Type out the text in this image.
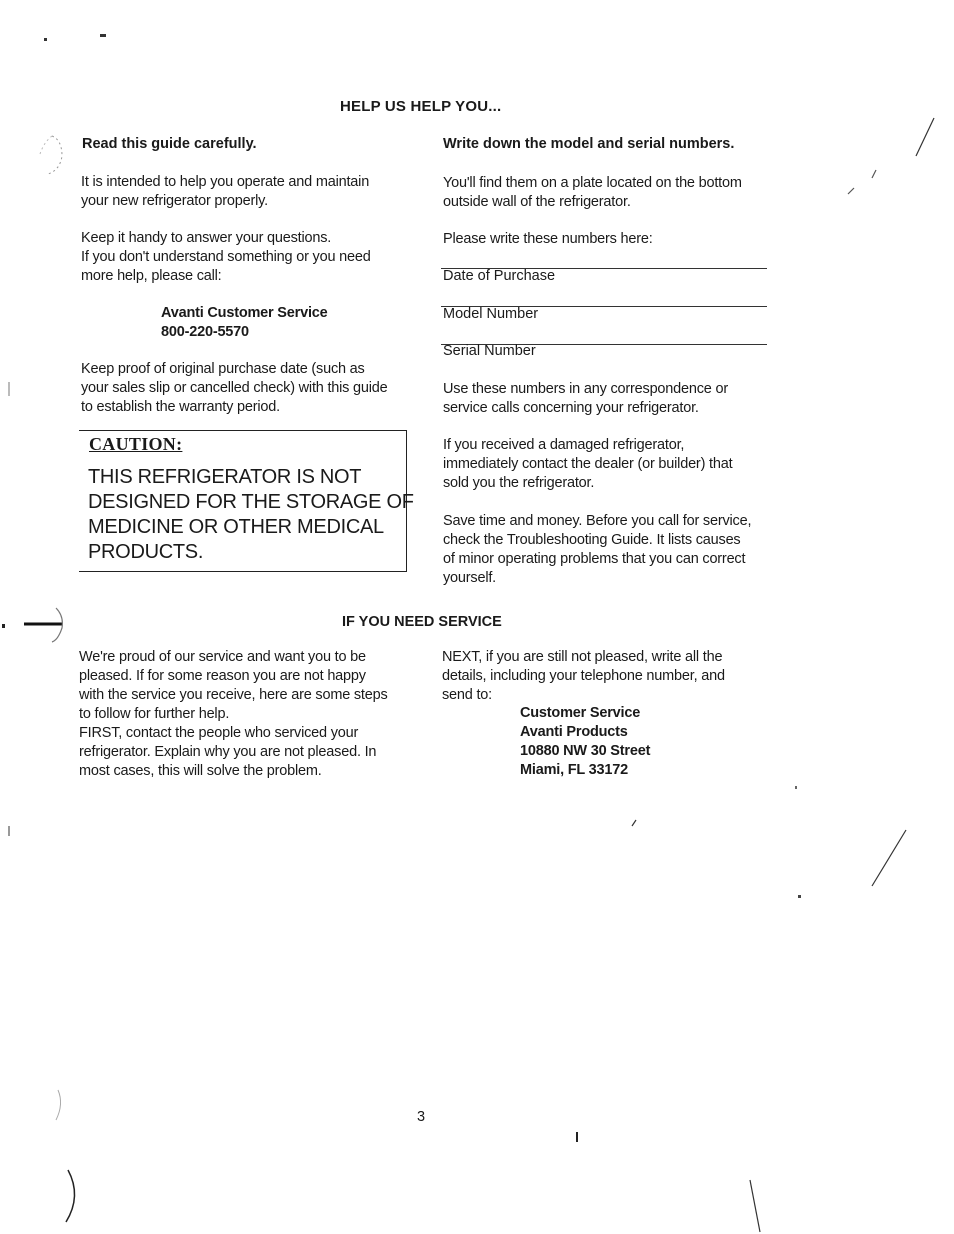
HELP US HELP YOU...
Read this guide carefully.
It is intended to help you operate and maintain
your new refrigerator properly.
Keep it handy to answer your questions.
If you don't understand something or you need
more help, please call:
Avanti Customer Service
800-220-5570
Keep proof of original purchase date (such as
your sales slip or cancelled check) with this guide
to establish the warranty period.
CAUTION:
THIS REFRIGERATOR IS NOT
DESIGNED FOR THE STORAGE OF
MEDICINE OR OTHER MEDICAL
PRODUCTS.
Write down the model and serial numbers.
You'll find them on a plate located on the bottom
outside wall of the refrigerator.
Please write these numbers here:
Date of Purchase
Model Number
Serial Number
Use these numbers in any correspondence or
service calls concerning your refrigerator.
If you received a damaged refrigerator,
immediately contact the dealer (or builder) that
sold you the refrigerator.
Save time and money. Before you call for service,
check the Troubleshooting Guide. It lists causes
of minor operating problems that you can correct
yourself.
IF YOU NEED SERVICE
We're proud of our service and want you to be
pleased. If for some reason you are not happy
with the service you receive, here are some steps
to follow for further help.
FIRST, contact the people who serviced your
refrigerator. Explain why you are not pleased. In
most cases, this will solve the problem.
NEXT, if you are still not pleased, write all the
details, including your telephone number, and
send to:
Customer Service
Avanti Products
10880 NW 30 Street
Miami, FL 33172
3
